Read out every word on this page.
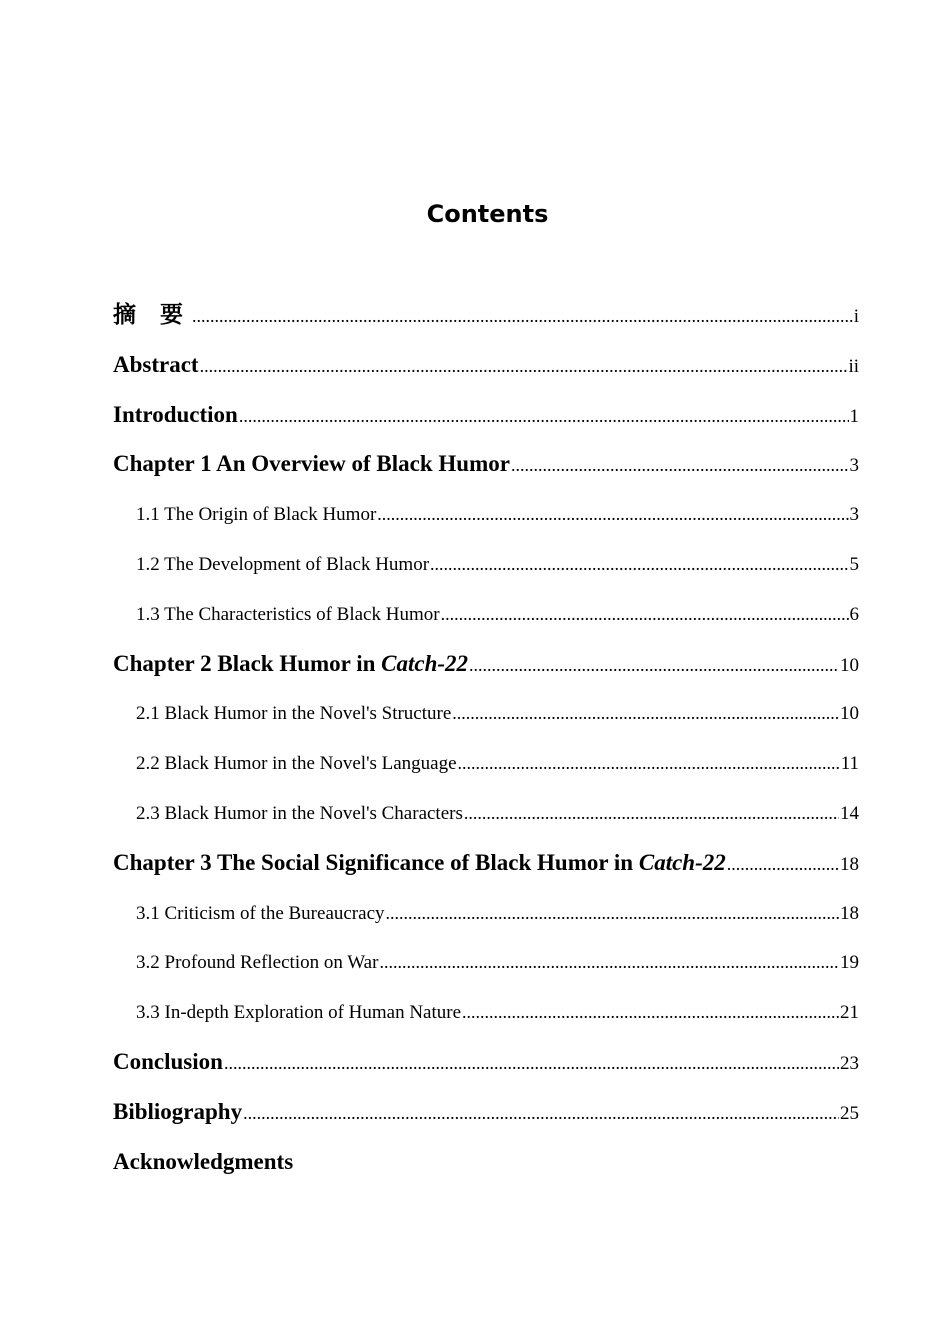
Contents
摘 要 .....	i
Abstract .....	ii
Introduction .....	1
Chapter 1 An Overview of Black Humor .....	3
1.1 The Origin of Black Humor .....	3
1.2 The Development of Black Humor .....	5
1.3 The Characteristics of Black Humor .....	6
Chapter 2 Black Humor in Catch-22 .....	10
2.1 Black Humor in the Novel's Structure .....	10
2.2 Black Humor in the Novel's Language .....	11
2.3 Black Humor in the Novel's Characters .....	14
Chapter 3 The Social Significance of Black Humor in Catch-22 .....	18
3.1 Criticism of the Bureaucracy .....	18
3.2 Profound Reflection on War .....	19
3.3 In-depth Exploration of Human Nature .....	21
Conclusion .....	23
Bibliography .....	25
Acknowledgments
